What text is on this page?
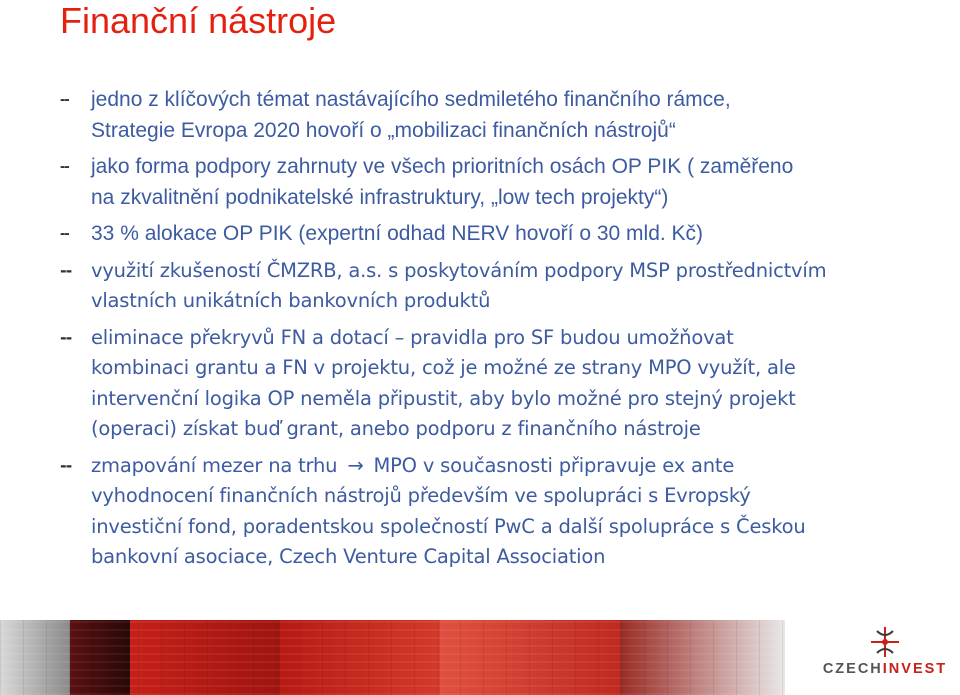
Finanční nástroje
--	jedno z klíčových témat nastávajícího sedmiletého finančního rámce,
Strategie Evropa 2020 hovoří o „mobilizaci finančních nástrojů“
--	jako forma podpory zahrnuty ve všech prioritních osách OP PIK ( zaměřeno
na zkvalitnění podnikatelské infrastruktury, „low tech projekty“)
--	33 % alokace OP PIK (expertní odhad NERV hovoří o 30 mld. Kč)
--	využití zkušeností ČMZRB, a.s. s poskytováním podpory MSP prostřednictvím
vlastních unikátních bankovních produktů
--	eliminace překryvů FN a dotací – pravidla pro SF budou umožňovat
kombinaci grantu a FN v projektu, což je možné ze strany MPO využít, ale
intervenční logika OP neměla připustit, aby bylo možné pro stejný projekt
(operaci) získat buď grant, anebo podporu z finančního nástroje
--	zmapování mezer na trhu → MPO v současnosti připravuje ex ante
vyhodnocení finančních nástrojů především ve spolupráci s Evropský
investiční fond, poradentskou společností PwC a další spolupráce s Českou
bankovní asociace, Czech Venture Capital Association
CZECHINVEST
